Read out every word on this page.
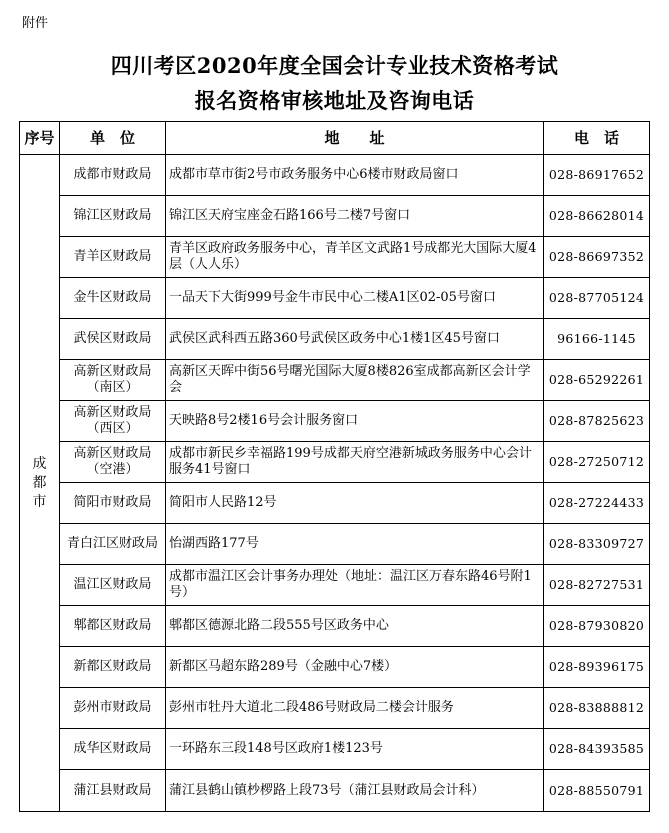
附件
四川考区2020年度全国会计专业技术资格考试
报名资格审核地址及咨询电话
序号	单　位	地　　址	电　话
成都市	成都市财政局	成都市草市街2号市政务服务中心6楼市财政局窗口	028-86917652
	锦江区财政局	锦江区天府宝座金石路166号二楼7号窗口	028-86628014
	青羊区财政局	青羊区政府政务服务中心，青羊区文武路1号成都光大国际大厦4层（人人乐）	028-86697352
	金牛区财政局	一品天下大街999号金牛市民中心二楼A1区02-05号窗口	028-87705124
	武侯区财政局	武侯区武科西五路360号武侯区政务中心1楼1区45号窗口	96166-1145
	高新区财政局（南区）	高新区天晖中街56号曙光国际大厦8楼826室成都高新区会计学会	028-65292261
	高新区财政局（西区）	天映路8号2楼16号会计服务窗口	028-87825623
	高新区财政局（空港）	成都市新民乡幸福路199号成都天府空港新城政务服务中心会计服务41号窗口	028-27250712
	简阳市财政局	简阳市人民路12号	028-27224433
	青白江区财政局	怡湖西路177号	028-83309727
	温江区财政局	成都市温江区会计事务办理处（地址：温江区万春东路46号附1号）	028-82727531
	郫都区财政局	郫都区德源北路二段555号区政务中心	028-87930820
	新都区财政局	新都区马超东路289号（金融中心7楼）	028-89396175
	彭州市财政局	彭州市牡丹大道北二段486号财政局二楼会计服务	028-83888812
	成华区财政局	一环路东三段148号区政府1楼123号	028-84393585
	蒲江县财政局	蒲江县鹤山镇杪椤路上段73号（蒲江县财政局会计科）	028-88550791
